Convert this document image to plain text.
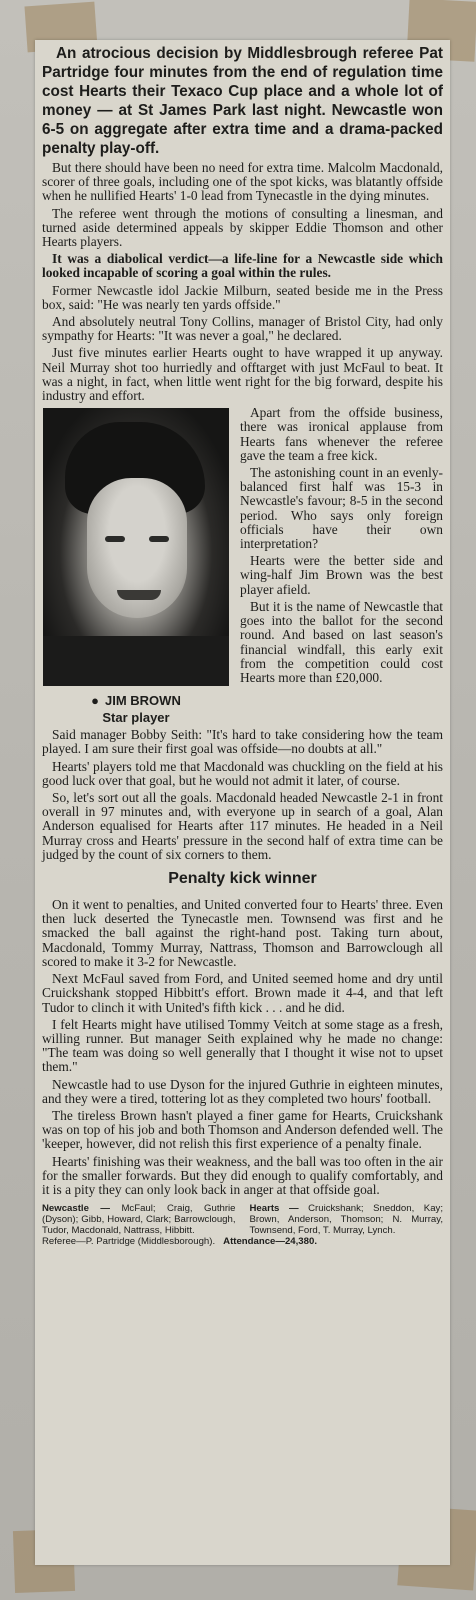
An atrocious decision by Middlesbrough referee Pat Partridge four minutes from the end of regulation time cost Hearts their Texaco Cup place and a whole lot of money — at St James Park last night. Newcastle won 6-5 on aggregate after extra time and a drama-packed penalty play-off.

But there should have been no need for extra time. Malcolm Macdonald, scorer of three goals, including one of the spot kicks, was blatantly offside when he nullified Hearts' 1-0 lead from Tynecastle in the dying minutes.

The referee went through the motions of consulting a linesman, and turned aside determined appeals by skipper Eddie Thomson and other Hearts players.

It was a diabolical verdict—a life-line for a Newcastle side which looked incapable of scoring a goal within the rules.

Former Newcastle idol Jackie Milburn, seated beside me in the Press box, said: "He was nearly ten yards offside."

And absolutely neutral Tony Collins, manager of Bristol City, had only sympathy for Hearts: "It was never a goal," he declared.

Just five minutes earlier Hearts ought to have wrapped it up anyway. Neil Murray shot too hurriedly and offtarget with just McFaul to beat. It was a night, in fact, when little went right for the big forward, despite his industry and effort.

● JIM BROWN
Star player

Apart from the offside business, there was ironical applause from Hearts fans whenever the referee gave the team a free kick.

The astonishing count in an evenly-balanced first half was 15-3 in Newcastle's favour; 8-5 in the second period. Who says only foreign officials have their own interpretation?

Hearts were the better side and wing-half Jim Brown was the best player afield.

But it is the name of Newcastle that goes into the ballot for the second round. And based on last season's financial windfall, this early exit from the competition could cost Hearts more than £20,000.

Said manager Bobby Seith: "It's hard to take considering how the team played. I am sure their first goal was offside—no doubts at all."

Hearts' players told me that Macdonald was chuckling on the field at his good luck over that goal, but he would not admit it later, of course.

So, let's sort out all the goals. Macdonald headed Newcastle 2-1 in front overall in 97 minutes and, with everyone up in search of a goal, Alan Anderson equalised for Hearts after 117 minutes. He headed in a Neil Murray cross and Hearts' pressure in the second half of extra time can be judged by the count of six corners to them.

Penalty kick winner

On it went to penalties, and United converted four to Hearts' three. Even then luck deserted the Tynecastle men. Townsend was first and he smacked the ball against the right-hand post. Taking turn about, Macdonald, Tommy Murray, Nattrass, Thomson and Barrowclough all scored to make it 3-2 for Newcastle.

Next McFaul saved from Ford, and United seemed home and dry until Cruickshank stopped Hibbitt's effort. Brown made it 4-4, and that left Tudor to clinch it with United's fifth kick . . . and he did.

I felt Hearts might have utilised Tommy Veitch at some stage as a fresh, willing runner. But manager Seith explained why he made no change: "The team was doing so well generally that I thought it wise not to upset them."

Newcastle had to use Dyson for the injured Guthrie in eighteen minutes, and they were a tired, tottering lot as they completed two hours' football.

The tireless Brown hasn't played a finer game for Hearts, Cruickshank was on top of his job and both Thomson and Anderson defended well. The 'keeper, however, did not relish this first experience of a penalty finale.

Hearts' finishing was their weakness, and the ball was too often in the air for the smaller forwards. But they did enough to qualify comfortably, and it is a pity they can only look back in anger at that offside goal.

Newcastle — McFaul; Craig, Guthrie (Dyson); Gibb, Howard, Clark; Barrowclough, Tudor, Macdonald, Nattrass, Hibbitt.
Hearts — Cruickshank; Sneddon, Kay; Brown, Anderson, Thomson; N. Murray, Townsend, Ford, T. Murray, Lynch.
Referee—P. Partridge (Middlesborough). Attendance—24,380.
